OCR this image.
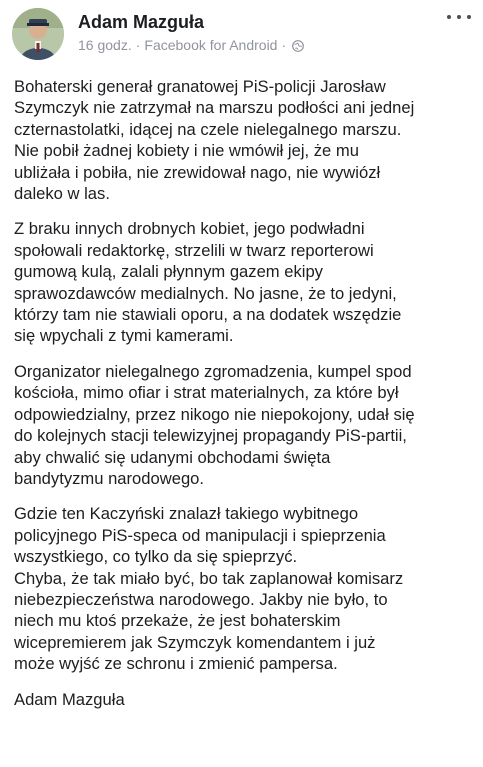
Adam Mazguła
16 godz. · Facebook for Android ·

Bohaterski generał granatowej PiS-policji Jarosław
Szymczyk nie zatrzymał na marszu podłości ani jednej
czternastolatki, idącej na czele nielegalnego marszu.
Nie pobił żadnej kobiety i nie wmówił jej, że mu
ubliżała i pobiła, nie zrewidował nago, nie wywiózł
daleko w las.

Z braku innych drobnych kobiet, jego podwładni
społowali redaktorkę, strzelili w twarz reporterowi
gumową kulą, zalali płynnym gazem ekipy
sprawozdawców medialnych. No jasne, że to jedyni,
którzy tam nie stawiali oporu, a na dodatek wszędzie
się wpychali z tymi kamerami.

Organizator nielegalnego zgromadzenia, kumpel spod
kościoła, mimo ofiar i strat materialnych, za które był
odpowiedzialny, przez nikogo nie niepokojony, udał się
do kolejnych stacji telewizyjnej propagandy PiS-partii,
aby chwalić się udanymi obchodami święta
bandytyzmu narodowego.

Gdzie ten Kaczyński znalazł takiego wybitnego
policyjnego PiS-speca od manipulacji i spieprzenia
wszystkiego, co tylko da się spieprzyć.
Chyba, że tak miało być, bo tak zaplanował komisarz
niebezpieczeństwa narodowego. Jakby nie było, to
niech mu ktoś przekaże, że jest bohaterskim
wicepremierem jak Szymczyk komendantem i już
może wyjść ze schronu i zmienić pampersa.

Adam Mazguła
